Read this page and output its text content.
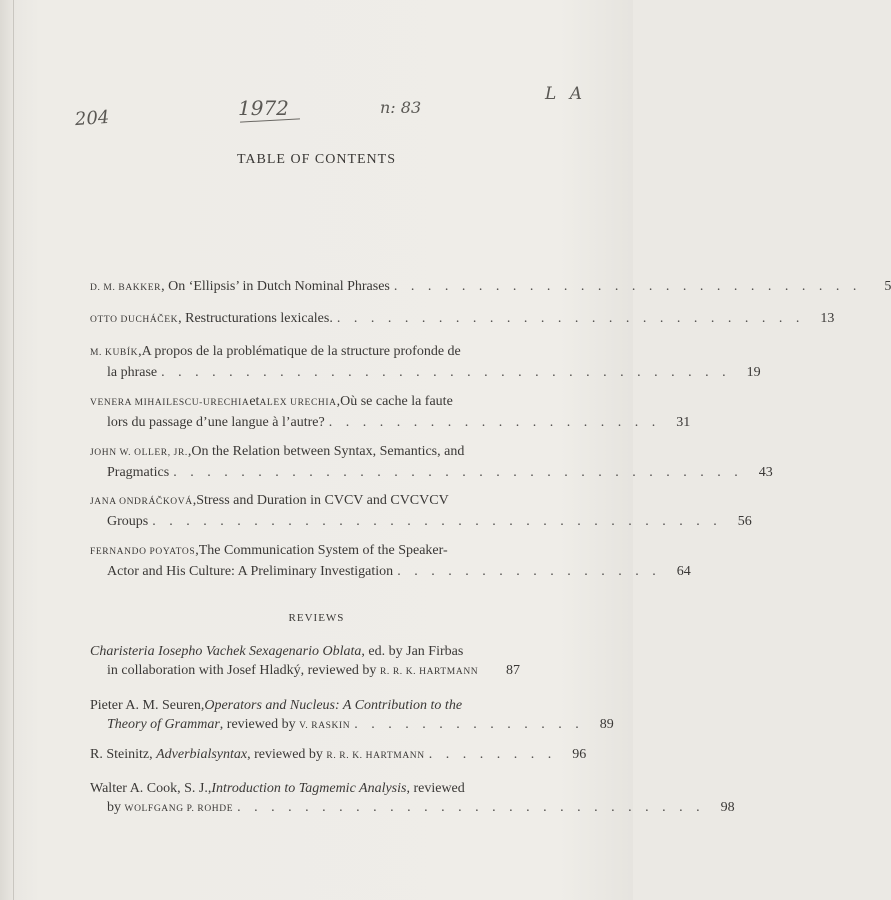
204	1972	n: 83
L A
TABLE OF CONTENTS
D. M. BAKKER, On ‘Ellipsis’ in Dutch Nominal Phrases . . . . . . . . . . . . . . . . . . . . . . . . . . . .	5
OTTO DUCHÁČEK, Restructurations lexicales. . . . . . . . . . . . . . . . . . . . . . . . . . . . .	13
M. KUBÍK , A propos de la problématique de la structure profonde de
la phrase . . . . . . . . . . . . . . . . . . . . . . . . . . . . . . . . . .	19
VENERA MIHAILESCU-URECHIA et ALEX URECHIA , Où se cache la faute
lors du passage d’une langue à l’autre? . . . . . . . . . . . . . . . . . . . .	31
JOHN W. OLLER, JR. , On the Relation between Syntax, Semantics, and
Pragmatics . . . . . . . . . . . . . . . . . . . . . . . . . . . . . . . . . .	43
JANA ONDRÁČKOVÁ , Stress and Duration in CVCV and CVCVCV
Groups . . . . . . . . . . . . . . . . . . . . . . . . . . . . . . . . . .	56
FERNANDO POYATOS , The Communication System of the Speaker-
Actor and His Culture: A Preliminary Investigation . . . . . . . . . . . . . . . .	64
REVIEWS
Charisteria Iosepho Vachek Sexagenario Oblata , ed. by Jan Firbas
in collaboration with Josef Hladký, reviewed by R. R. K. HARTMANN	87
Pieter A. M. Seuren , Operators and Nucleus: A Contribution to the
Theory of Grammar, reviewed by V. RASKIN . . . . . . . . . . . . . .	89
R. Steinitz, Adverbialsyntax, reviewed by R. R. K. HARTMANN . . . . . . . .	96
Walter A. Cook, S. J. , Introduction to Tagmemic Analysis , reviewed
by WOLFGANG P. ROHDE . . . . . . . . . . . . . . . . . . . . . . . . . . . .	98
